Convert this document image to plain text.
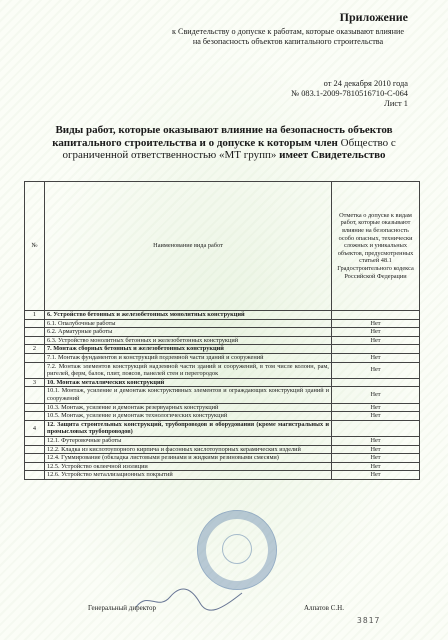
Приложение
к Свидетельству о допуске к работам, которые оказывают влияние на безопасность объектов капитального строительства
от 24 декабря 2010 года
№ 083.1-2009-7810516710-С-064
Лист 1
Виды работ, которые оказывают влияние на безопасность объектов капитального строительства и о допуске к которым член Общество с ограниченной ответственностью «МТ групп» имеет Свидетельство
№	Наименование вида работ	Отметка о допуске к видам работ, которые оказывают влияние на безопасность особо опасных, технически сложных и уникальных объектов, предусмотренных статьей 48.1 Градостроительного кодекса Российской Федерации
1	6. Устройство бетонных и железобетонных монолитных конструкций	
	6.1. Опалубочные работы	Нет
	6.2. Арматурные работы	Нет
	6.3. Устройство монолитных бетонных и железобетонных конструкций	Нет
2	7. Монтаж сборных бетонных и железобетонных конструкций	
	7.1. Монтаж фундаментов и конструкций подземной части зданий и сооружений	Нет
	7.2. Монтаж элементов конструкций надземной части зданий и сооружений, в том числе колонн, рам, ригелей, ферм, балок, плит, поясов, панелей стен и перегородок	Нет
3	10. Монтаж металлических конструкций	
	10.1. Монтаж, усиление и демонтаж конструктивных элементов и ограждающих конструкций зданий и сооружений	Нет
	10.3. Монтаж, усиление и демонтаж резервуарных конструкций	Нет
	10.5. Монтаж, усиление и демонтаж технологических конструкций	Нет
4	12. Защита строительных конструкций, трубопроводов и оборудования (кроме магистральных и промысловых трубопроводов)	
	12.1. Футеровочные работы	Нет
	12.2. Кладка из кислотоупорного кирпича и фасонных кислотоупорных керамических изделий	Нет
	12.4. Гуммирование (обкладка листовыми резинами и жидкими резиновыми смесями)	Нет
	12.5. Устройство оклеечной изоляции	Нет
	12.6. Устройство металлизационных покрытий	Нет
Генеральный директор	Алпатов С.Н.
3817
